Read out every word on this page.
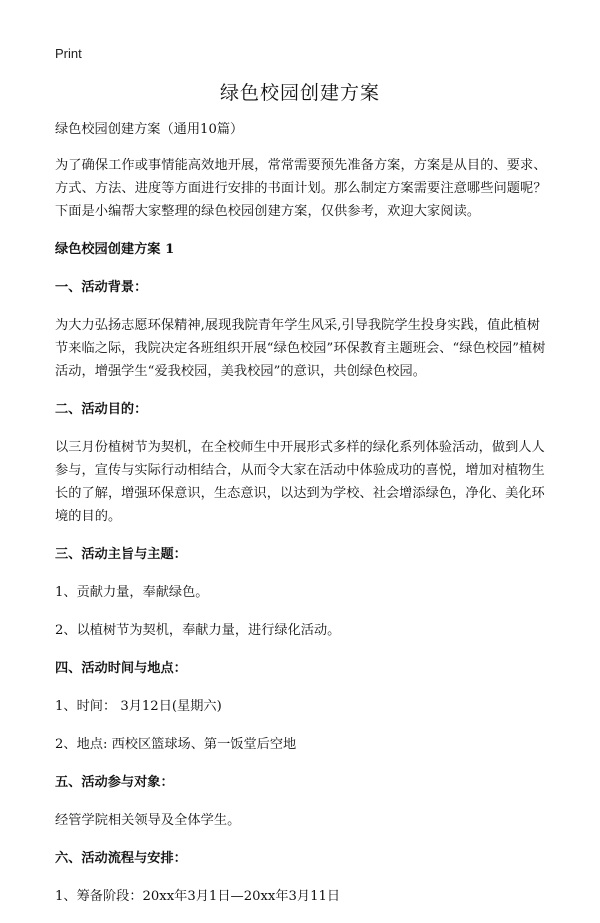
Print
绿色校园创建方案

绿色校园创建方案（通用10篇）

为了确保工作或事情能高效地开展，常常需要预先准备方案，方案是从目的、要求、方式、方法、进度等方面进行安排的书面计划。那么制定方案需要注意哪些问题呢？下面是小编帮大家整理的绿色校园创建方案，仅供参考，欢迎大家阅读。

绿色校园创建方案 1

一、活动背景：

为大力弘扬志愿环保精神,展现我院青年学生风采,引导我院学生投身实践，值此植树节来临之际，我院决定各班组织开展“绿色校园”环保教育主题班会、“绿色校园”植树活动，增强学生“爱我校园，美我校园”的意识，共创绿色校园。

二、活动目的：

以三月份植树节为契机，在全校师生中开展形式多样的绿化系列体验活动，做到人人参与，宣传与实际行动相结合，从而令大家在活动中体验成功的喜悦，增加对植物生长的了解，增强环保意识，生态意识，以达到为学校、社会增添绿色，净化、美化环境的目的。

三、活动主旨与主题：

1、贡献力量，奉献绿色。

2、以植树节为契机，奉献力量，进行绿化活动。

四、活动时间与地点：

1、时间： 3月12日(星期六)

2、地点: 西校区篮球场、第一饭堂后空地

五、活动参与对象：

经管学院相关领导及全体学生。

六、活动流程与安排：

1、筹备阶段：20xx年3月1日—20xx年3月11日
